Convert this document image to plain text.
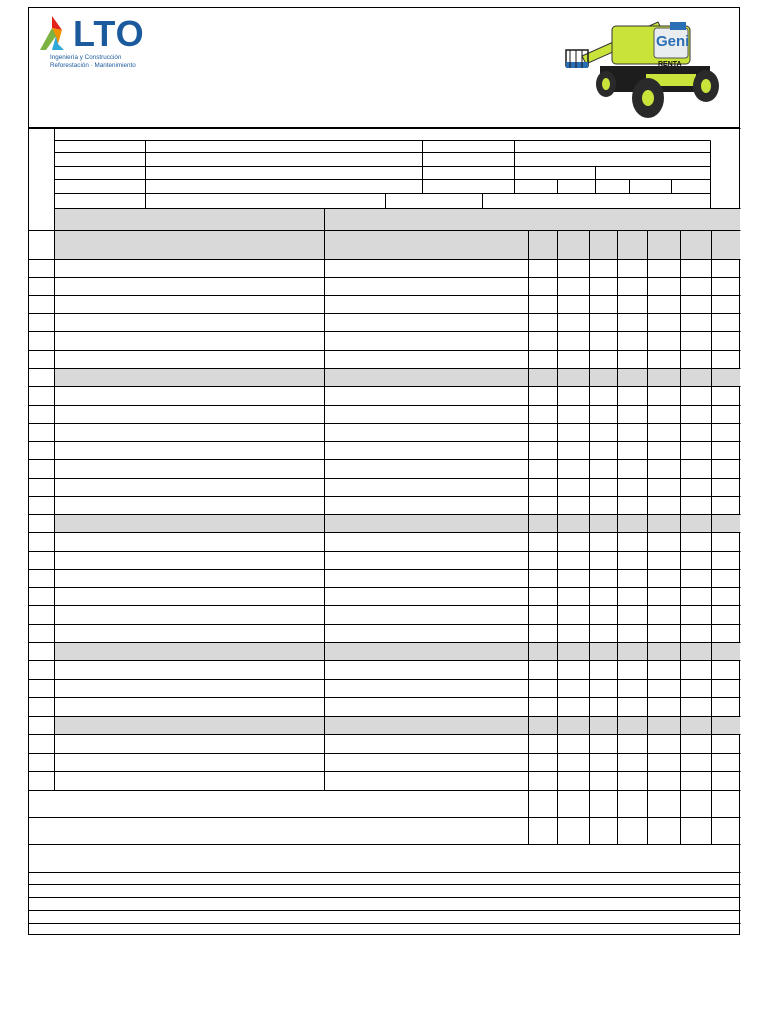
LTO
Ingeniería y Construcción
Reforestación · Mantenimiento
Geni
RENTA
